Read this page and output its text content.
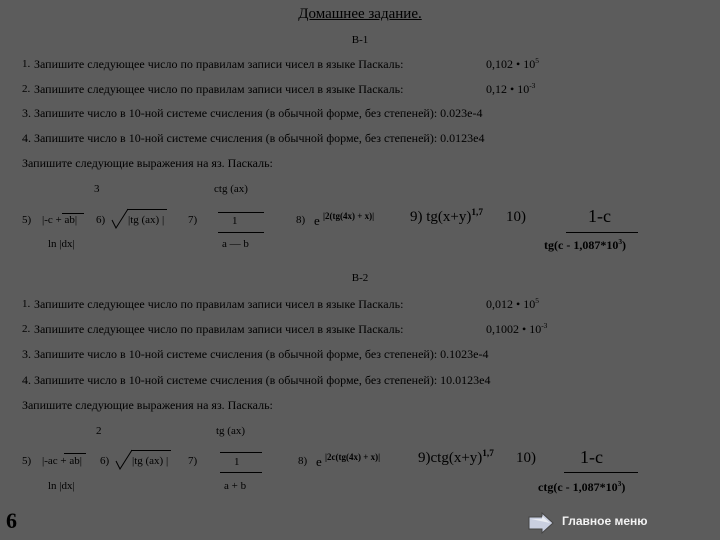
Домашнее задание.
В-1
1. Запишите следующее число по правилам записи чисел в языке Паскаль:	0,102 • $10^5$
2. Запишите следующее число по правилам записи чисел в языке Паскаль:	0,12 • $10^{-3}$
3. Запишите число в 10-ной системе счисления (в обычной форме, без степеней): 0.023е-4
4. Запишите число в 10-ной системе счисления (в обычной форме, без степеней): 0.0123е4
Запишите следующие выражения на яз. Паскаль:
3	ctg (ax)
5) |-c + ab| 6) |tg (ax) | 7)	1	8) e $^{|2(tg(4x) + x)|}$ 9) $tg(x+y)^{1,7}$ 10)	1-c
ln |dx|	a — b	$tg(c - 1,087*10^3)$
В-2
1. Запишите следующее число по правилам записи чисел в языке Паскаль:	0,012 • $10^5$
2. Запишите следующее число по правилам записи чисел в языке Паскаль:	0,1002 • $10^{-3}$
3. Запишите число в 10-ной системе счисления (в обычной форме, без степеней): 0.1023е-4
4. Запишите число в 10-ной системе счисления (в обычной форме, без степеней): 10.0123е4
Запишите следующие выражения на яз. Паскаль:
2	tg (ax)
5) |-ac + ab| 6) |tg (ax) | 7)	1	8) e $^{|2c(tg(4x) + x)|}$	$9)ctg(x+y)^{1,7}$ 10) 1-c
ln |dx|	a + b	$ctg(c - 1,087*10^3)$
6	Главное меню
